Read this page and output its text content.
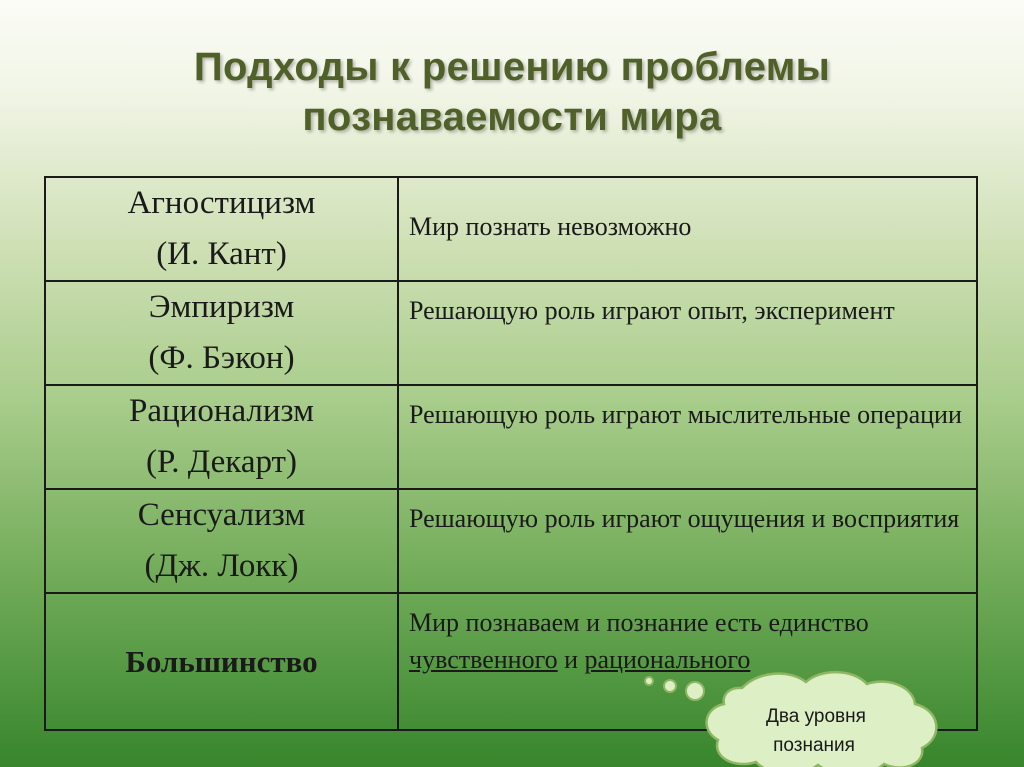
Подходы к решению проблемы
познаваемости мира
Агностицизм
(И. Кант)	Мир познать невозможно

Эмпиризм
(Ф. Бэкон)	Решающую роль играют опыт, эксперимент

Рационализм
(Р. Декарт)	Решающую роль играют мыслительные операции

Сенсуализм
(Дж. Локк)	Решающую роль играют ощущения и восприятия
Большинство	Мир познаваем и познание есть единство чувственного и рационального
Два уровня
познания
